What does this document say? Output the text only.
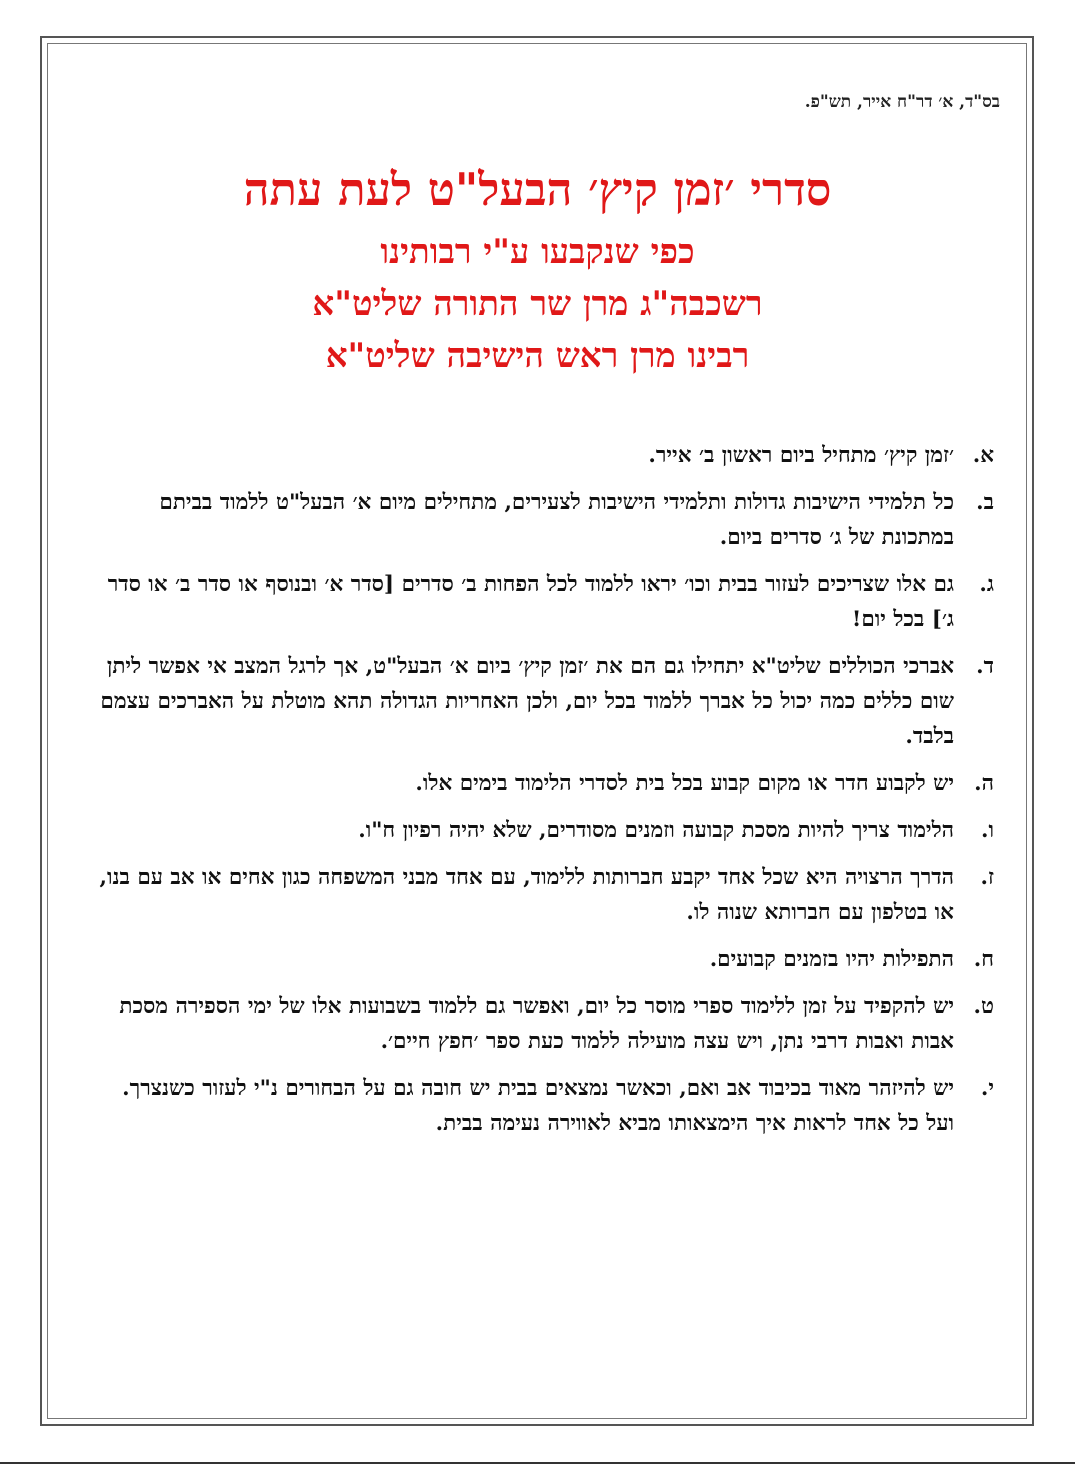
בס"ד, א׳ דר"ח אייר, תש"פ.
סדרי ׳זמן קיץ׳ הבעל"ט לעת עתה
כפי שנקבעו ע"י רבותינו
רשכבה"ג מרן שר התורה שליט"א
רבינו מרן ראש הישיבה שליט"א
א.
׳זמן קיץ׳ מתחיל ביום ראשון ב׳ אייר.
ב.
כל תלמידי הישיבות גדולות ותלמידי הישיבות לצעירים, מתחילים מיום א׳ הבעל"ט ללמוד בביתם במתכונת של ג׳ סדרים ביום.
ג.
גם אלו שצריכים לעזור בבית וכו׳ יראו ללמוד לכל הפחות ב׳ סדרים [סדר א׳ ובנוסף או סדר ב׳ או סדר ג׳] בכל יום!
ד.
אברכי הכוללים שליט"א יתחילו גם הם את ׳זמן קיץ׳ ביום א׳ הבעל"ט, אך לרגל המצב אי אפשר ליתן שום כללים כמה יכול כל אברך ללמוד בכל יום, ולכן האחריות הגדולה תהא מוטלת על האברכים עצמם בלבד.
ה.
יש לקבוע חדר או מקום קבוע בכל בית לסדרי הלימוד בימים אלו.
ו.
הלימוד צריך להיות מסכת קבועה וזמנים מסודרים, שלא יהיה רפיון ח"ו.
ז.
הדרך הרצויה היא שכל אחד יקבע חברותות ללימוד, עם אחד מבני המשפחה כגון אחים או אב עם בנו, או בטלפון עם חברותא שנוה לו.
ח.
התפילות יהיו בזמנים קבועים.
ט.
יש להקפיד על זמן ללימוד ספרי מוסר כל יום, ואפשר גם ללמוד בשבועות אלו של ימי הספירה מסכת אבות ואבות דרבי נתן, ויש עצה מועילה ללמוד כעת ספר ׳חפץ חיים׳.
י.
יש להיזהר מאוד בכיבוד אב ואם, וכאשר נמצאים בבית יש חובה גם על הבחורים נ"י לעזור כשנצרך. ועל כל אחד לראות איך הימצאותו מביא לאווירה נעימה בבית.
